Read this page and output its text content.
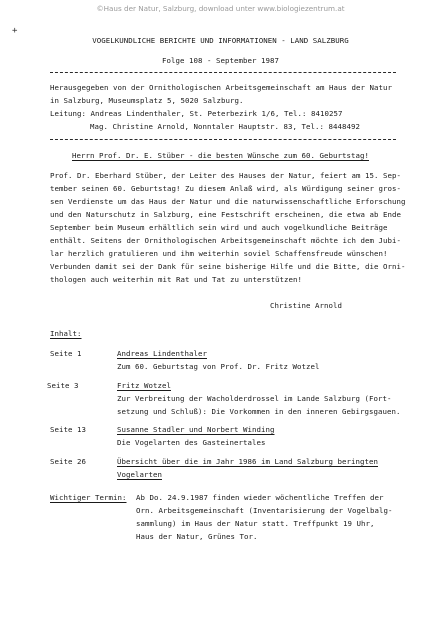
©Haus der Natur, Salzburg, download unter www.biologiezentrum.at
+
VOGELKUNDLICHE BERICHTE UND INFORMATIONEN - LAND SALZBURG
Folge 108 - September 1987
Herausgegeben von der Ornithologischen Arbeitsgemeinschaft am Haus der Natur
in Salzburg, Museumsplatz 5, 5020 Salzburg.
Leitung: Andreas Lindenthaler, St. Peterbezirk 1/6, Tel.: 8410257
Mag. Christine Arnold, Nonntaler Hauptstr. 83, Tel.: 8448492
Herrn Prof. Dr. E. Stüber - die besten Wünsche zum 60. Geburtstag!
Prof. Dr. Eberhard Stüber, der Leiter des Hauses der Natur, feiert am 15. Sep-
tember seinen 60. Geburtstag! Zu diesem Anlaß wird, als Würdigung seiner gros-
sen Verdienste um das Haus der Natur und die naturwissenschaftliche Erforschung
und den Naturschutz in Salzburg, eine Festschrift erscheinen, die etwa ab Ende
September beim Museum erhältlich sein wird und auch vogelkundliche Beiträge
enthält. Seitens der Ornithologischen Arbeitsgemeinschaft möchte ich dem Jubi-
lar herzlich gratulieren und ihm weiterhin soviel Schaffensfreude wünschen!
Verbunden damit sei der Dank für seine bisherige Hilfe und die Bitte, die Orni-
thologen auch weiterhin mit Rat und Tat zu unterstützen!
Christine Arnold
Inhalt:
Seite 1	Andreas Lindenthaler
Zum 60. Geburtstag von Prof. Dr. Fritz Wotzel
Seite 3	Fritz Wotzel
Zur Verbreitung der Wacholderdrossel im Lande Salzburg (Fort-
setzung und Schluß): Die Vorkommen in den inneren Gebirgsgauen.
Seite 13	Susanne Stadler und Norbert Winding
Die Vogelarten des Gasteinertales
Seite 26	Übersicht über die im Jahr 1986 im Land Salzburg beringten
Vogelarten
Wichtiger Termin: Ab Do. 24.9.1987 finden wieder wöchentliche Treffen der
Orn. Arbeitsgemeinschaft (Inventarisierung der Vogelbalg-
sammlung) im Haus der Natur statt. Treffpunkt 19 Uhr,
Haus der Natur, Grünes Tor.
